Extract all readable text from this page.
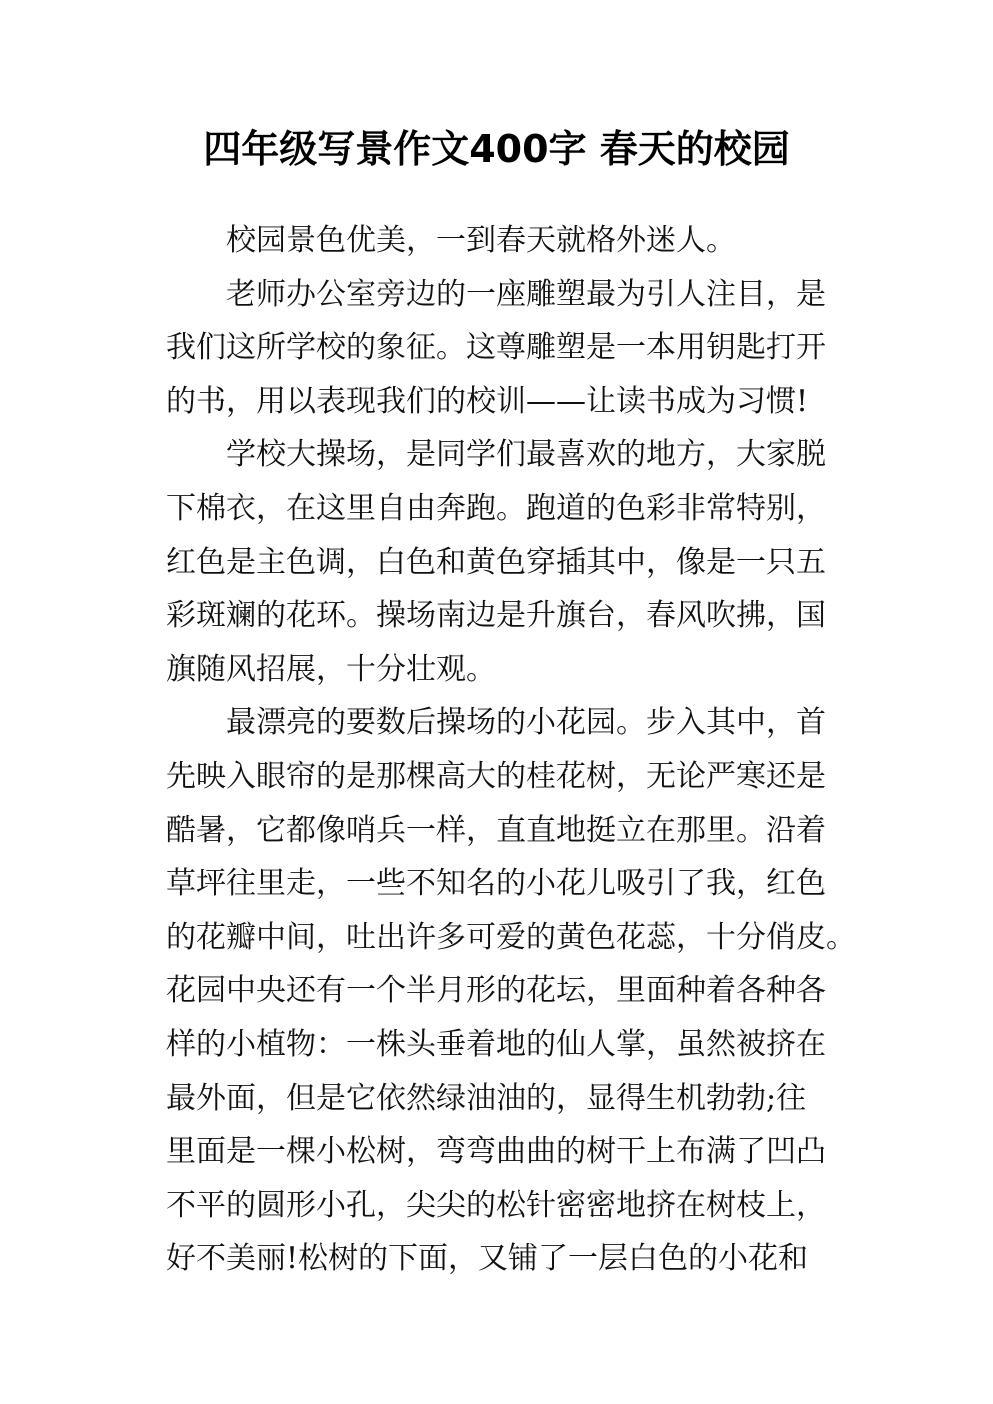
四年级写景作文400字 春天的校园
校园景色优美，一到春天就格外迷人。
老师办公室旁边的一座雕塑最为引人注目，是
我们这所学校的象征。这尊雕塑是一本用钥匙打开
的书，用以表现我们的校训——让读书成为习惯!
学校大操场，是同学们最喜欢的地方，大家脱
下棉衣，在这里自由奔跑。跑道的色彩非常特别，
红色是主色调，白色和黄色穿插其中，像是一只五
彩斑斓的花环。操场南边是升旗台，春风吹拂，国
旗随风招展，十分壮观。
最漂亮的要数后操场的小花园。步入其中，首
先映入眼帘的是那棵高大的桂花树，无论严寒还是
酷暑，它都像哨兵一样，直直地挺立在那里。沿着
草坪往里走，一些不知名的小花儿吸引了我，红色
的花瓣中间，吐出许多可爱的黄色花蕊，十分俏皮。
花园中央还有一个半月形的花坛，里面种着各种各
样的小植物：一株头垂着地的仙人掌，虽然被挤在
最外面，但是它依然绿油油的，显得生机勃勃;往
里面是一棵小松树，弯弯曲曲的树干上布满了凹凸
不平的圆形小孔，尖尖的松针密密地挤在树枝上，
好不美丽!松树的下面，又铺了一层白色的小花和
